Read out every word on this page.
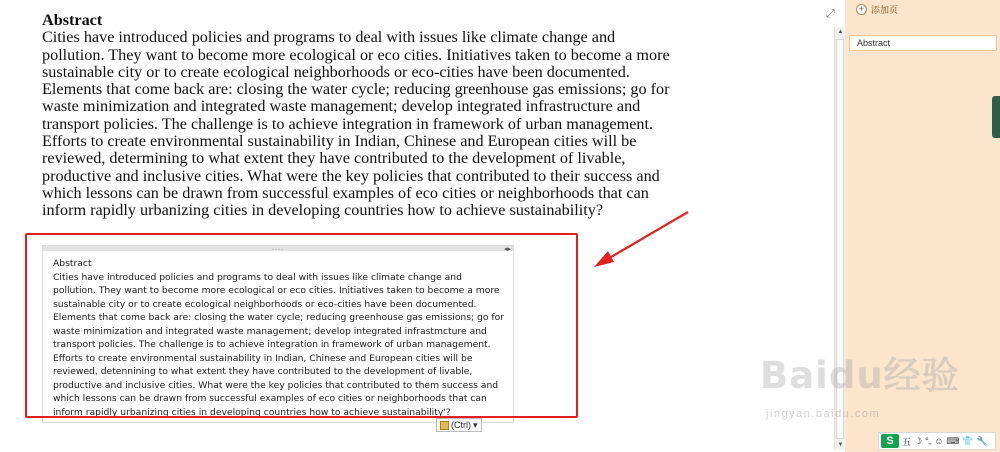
Abstract
Cities have introduced policies and programs to deal with issues like climate change and
pollution. They want to become more ecological or eco cities. Initiatives taken to become a more
sustainable city or to create ecological neighborhoods or eco-cities have been documented.
Elements that come back are: closing the water cycle; reducing greenhouse gas emissions; go for
waste minimization and integrated waste management; develop integrated infrastructure and
transport policies. The challenge is to achieve integration in framework of urban management.
Efforts to create environmental sustainability in Indian, Chinese and European cities will be
reviewed, determining to what extent they have contributed to the development of livable,
productive and inclusive cities. What were the key policies that contributed to their success and
which lessons can be drawn from successful examples of eco cities or neighborhoods that can
inform rapidly urbanizing cities in developing countries how to achieve sustainability?
....	◂▸
Abstract
Cities have introduced policies and programs to deal with issues like climate change and
pollution. They want to become more ecological or eco cities. Initiatives taken to become a more
sustainable city or to create ecological neighborhoods or eco-cities have been documented.
Elements that come back are: closing the water cycle; reducing greenhouse gas emissions; go for
waste minimization and integrated waste management; develop integrated infrastmcture and
transport policies. The challenge is to achieve integration in framework of urban management.
Efforts to create environmental sustainability in Indian, Chinese and European cities will be
reviewed, detennining to what extent they have contributed to the development of livable,
productive and inclusive cities. What were the key policies that contributed to them success and
which lessons can be drawn from successful examples of eco cities or neighborhoods that can
inform rapidly urbanizing cities in developing countries how to achieve sustainability'?
(Ctrl) ▾
⤢
▲
▼
+ 添加页
Abstract
Baidu经验
jingyan.baidu.com
S 五 ☽ °, ☺ ⌨ 👕 🔧
